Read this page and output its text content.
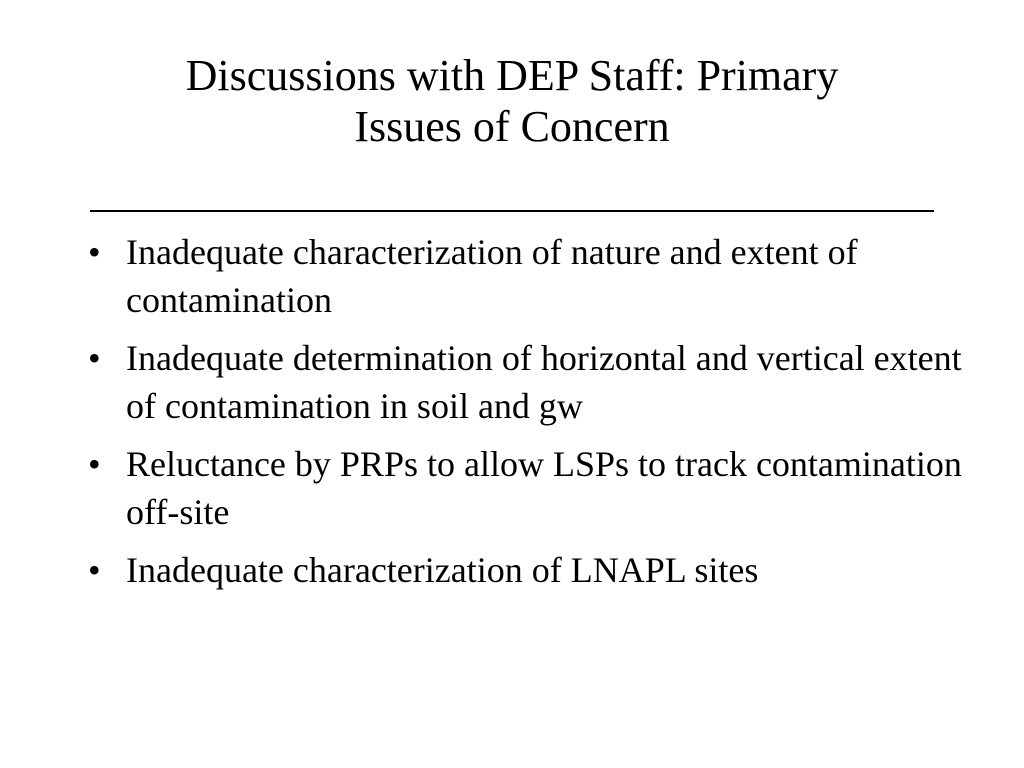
Discussions with DEP Staff: Primary
Issues of Concern
• Inadequate characterization of nature and extent of contamination
• Inadequate determination of horizontal and vertical extent of contamination in soil and gw
• Reluctance by PRPs to allow LSPs to track contamination off-site
• Inadequate characterization of LNAPL sites
